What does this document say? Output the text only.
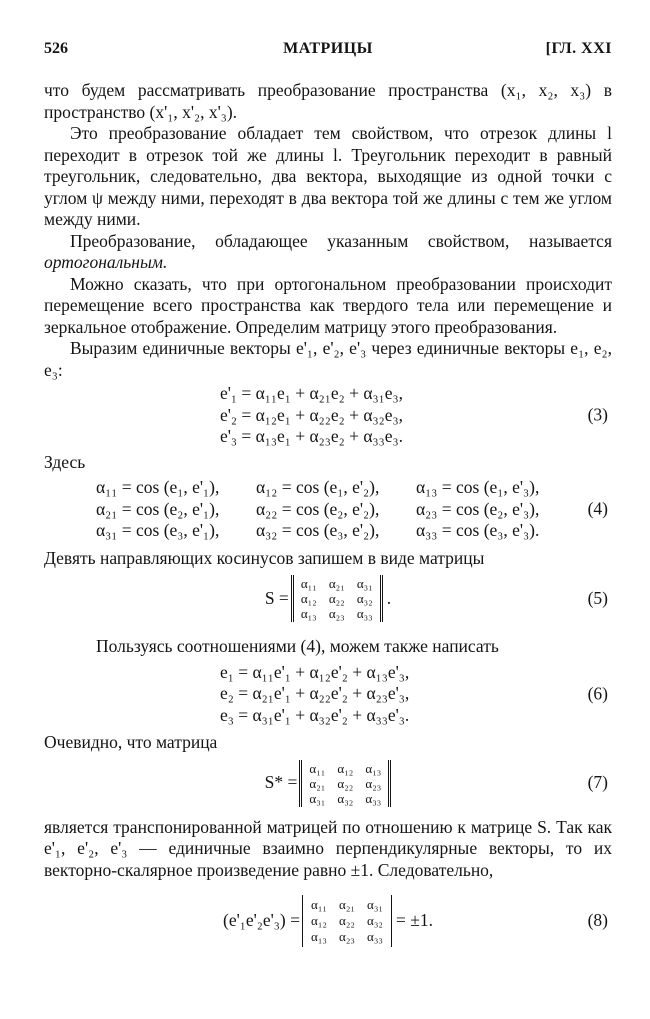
526	МАТРИЦЫ	[ГЛ. XXI

что будем рассматривать преобразование пространства (x₁, x₂, x₃) в пространство (x'₁, x'₂, x'₃).

Это преобразование обладает тем свойством, что отрезок длины l переходит в отрезок той же длины l. Треугольник переходит в равный треугольник, следовательно, два вектора, выходящие из одной точки с углом ψ между ними, переходят в два вектора той же длины с тем же углом между ними.

Преобразование, обладающее указанным свойством, называется ортогональным.

Можно сказать, что при ортогональном преобразовании происходит перемещение всего пространства как твердого тела или перемещение и зеркальное отображение. Определим матрицу этого преобразования.

Выразим единичные векторы e'₁, e'₂, e'₃ через единичные векторы e₁, e₂, e₃:

e'₁ = α₁₁e₁ + α₂₁e₂ + α₃₁e₃,
e'₂ = α₁₂e₁ + α₂₂e₂ + α₃₂e₃,
e'₃ = α₁₃e₁ + α₂₃e₂ + α₃₃e₃.
(3)

Здесь

α₁₁ = cos (e₁, e'₁),	α₁₂ = cos (e₁, e'₂),	α₁₃ = cos (e₁, e'₃),
α₂₁ = cos (e₂, e'₁),	α₂₂ = cos (e₂, e'₂),	α₂₃ = cos (e₂, e'₃),
α₃₁ = cos (e₃, e'₁),	α₃₂ = cos (e₃, e'₂),	α₃₃ = cos (e₃, e'₃).
(4)

Девять направляющих косинусов запишем в виде матрицы

S =
α₁₁ α₂₁ α₃₁
α₁₂ α₂₂ α₃₂
α₁₃ α₂₃ α₃₃
.	(5)

Пользуясь соотношениями (4), можем также написать

e₁ = α₁₁e'₁ + α₁₂e'₂ + α₁₃e'₃,
e₂ = α₂₁e'₁ + α₂₂e'₂ + α₂₃e'₃,
e₃ = α₃₁e'₁ + α₃₂e'₂ + α₃₃e'₃.
(6)

Очевидно, что матрица

S* =
α₁₁ α₁₂ α₁₃
α₂₁ α₂₂ α₂₃
α₃₁ α₃₂ α₃₃
(7)

является транспонированной матрицей по отношению к матрице S. Так как e'₁, e'₂, e'₃ — единичные взаимно перпендикулярные векторы, то их векторно-скалярное произведение равно ±1. Следовательно,

(e'₁e'₂e'₃) =
α₁₁ α₂₁ α₃₁
α₁₂ α₂₂ α₃₂
α₁₃ α₂₃ α₃₃
= ±1.	(8)
